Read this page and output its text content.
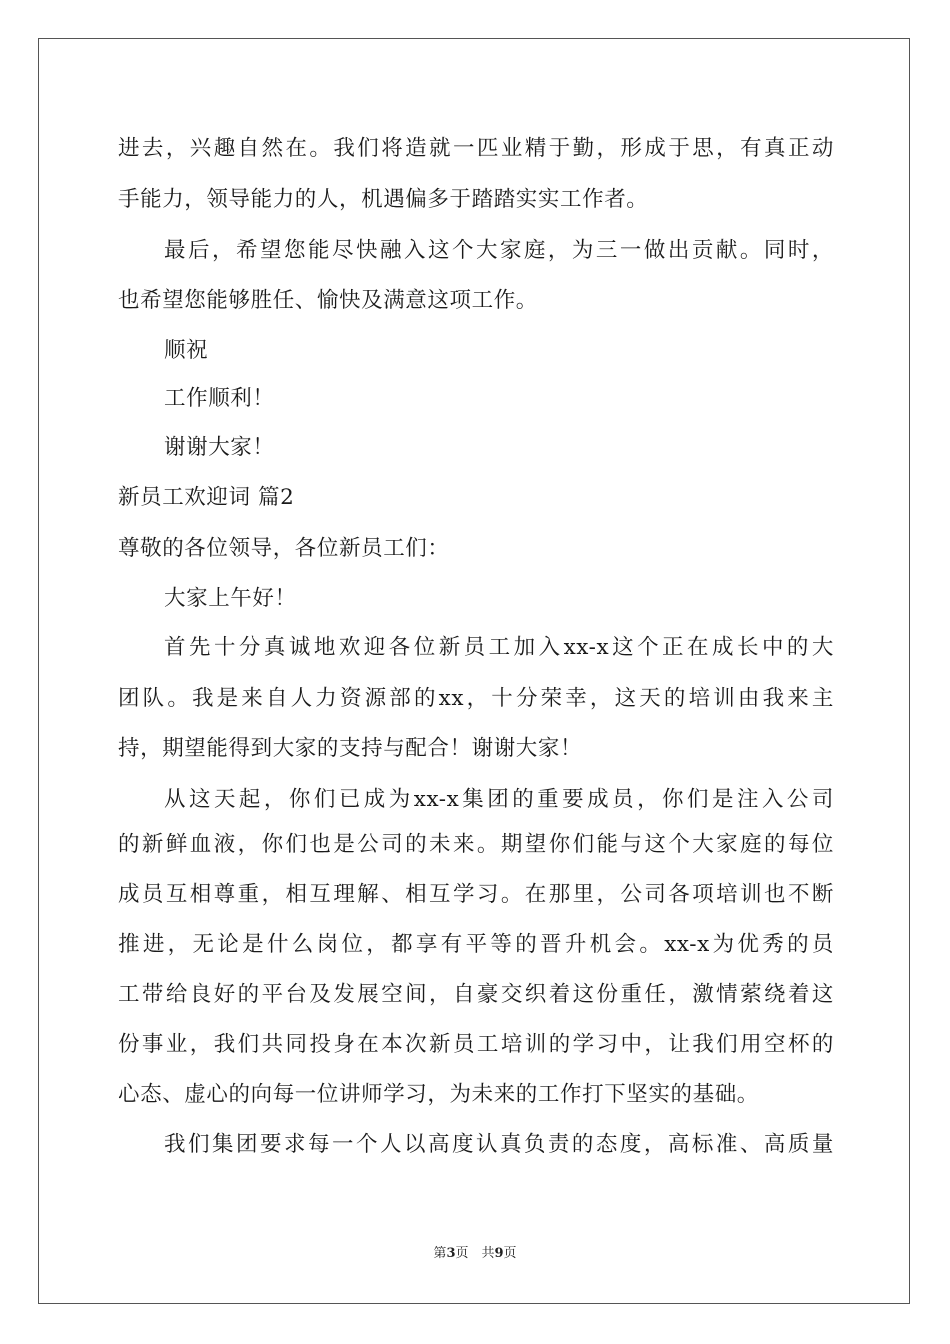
进去，兴趣自然在。我们将造就一匹业精于勤，形成于思，有真正动
手能力，领导能力的人，机遇偏多于踏踏实实工作者。
最后，希望您能尽快融入这个大家庭，为三一做出贡献。同时，
也希望您能够胜任、愉快及满意这项工作。
顺祝
工作顺利！
谢谢大家！
新员工欢迎词 篇2
尊敬的各位领导，各位新员工们：
大家上午好！
首先十分真诚地欢迎各位新员工加入xx-x这个正在成长中的大
团队。我是来自人力资源部的xx，十分荣幸，这天的培训由我来主
持，期望能得到大家的支持与配合！谢谢大家！
从这天起，你们已成为xx-x集团的重要成员，你们是注入公司
的新鲜血液，你们也是公司的未来。期望你们能与这个大家庭的每位
成员互相尊重，相互理解、相互学习。在那里，公司各项培训也不断
推进，无论是什么岗位，都享有平等的晋升机会。xx-x为优秀的员
工带给良好的平台及发展空间，自豪交织着这份重任，激情萦绕着这
份事业，我们共同投身在本次新员工培训的学习中，让我们用空杯的
心态、虚心的向每一位讲师学习，为未来的工作打下坚实的基础。
我们集团要求每一个人以高度认真负责的态度，高标准、高质量
第3页　共9页
